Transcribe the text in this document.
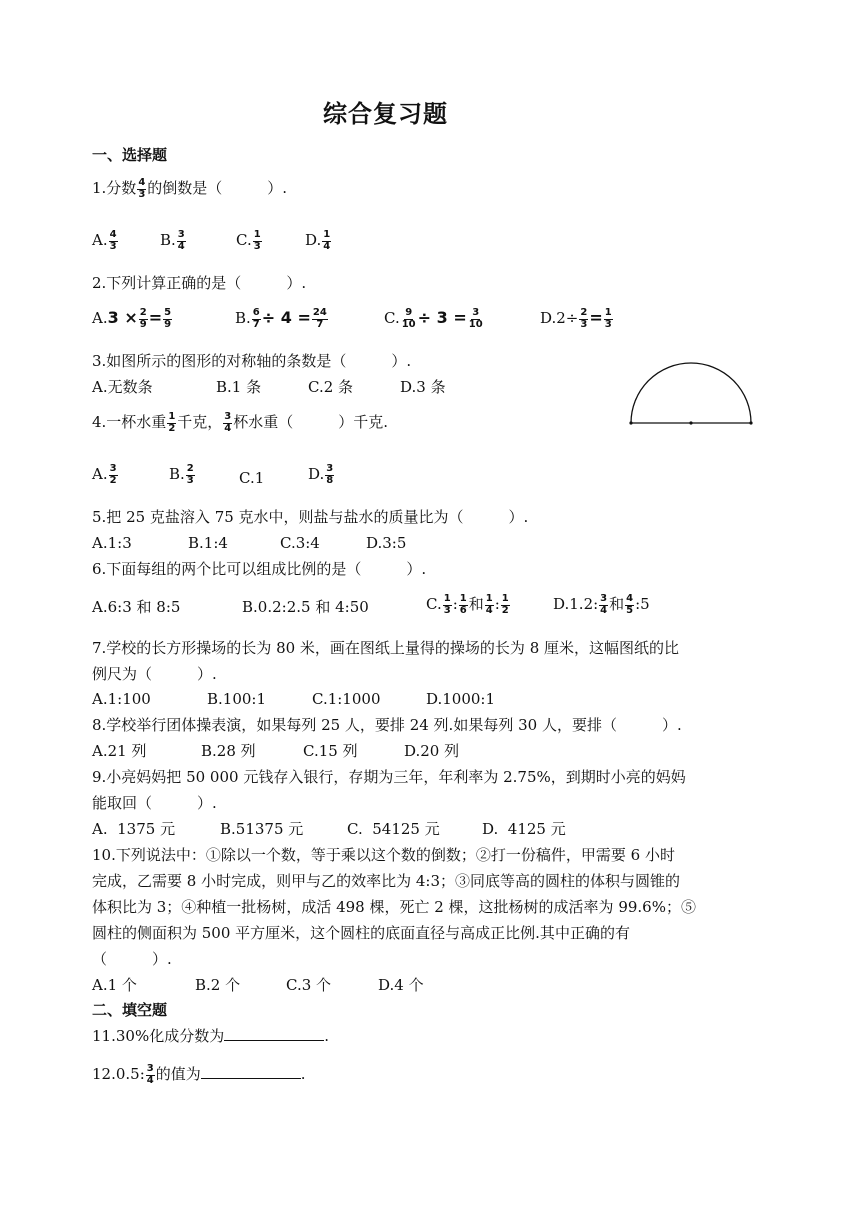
综合复习题
一、选择题
1.分数 $\frac{4}{3}$ 的倒数是（　　　）.
A. $\frac{4}{3}$	B. $\frac{3}{4}$	C. $\frac{1}{3}$	D. $\frac{1}{4}$
2.下列计算正确的是（　　　）.
$A.3 \times \frac{2}{9} = \frac{5}{9}$	B. $\frac{6}{7} \div 4 = \frac{24}{7}$	C. $\frac{9}{10} \div 3 = \frac{3}{10}$	$D.2\div \frac{2}{3} = \frac{1}{3}$
3.如图所示的图形的对称轴的条数是（　　　）.
A.无数条	B.1 条	C.2 条	D.3 条
4.一杯水重 $\frac{1}{2}$ 千克， $\frac{3}{4}$ 杯水重（　　　）千克.
A. $\frac{3}{2}$	B. $\frac{2}{3}$	C.1	D. $\frac{3}{8}$
5.把 25 克盐溶入 75 克水中，则盐与盐水的质量比为（　　　）.
A.1:3	B.1:4	C.3:4	D.3:5
6.下面每组的两个比可以组成比例的是（　　　）.
A.6:3 和 8:5	B.0.2:2.5 和 4:50	C. $\frac{1}{3}$ : $\frac{1}{6}$ 和 $\frac{1}{4}$ : $\frac{1}{2}$	D.1.2: $\frac{3}{4}$ 和 $\frac{4}{5}$ :5
7.学校的长方形操场的长为 80 米，画在图纸上量得的操场的长为 8 厘米，这幅图纸的比
例尺为（　　　）.
A.1:100	B.100:1	C.1:1000	D.1000:1
8.学校举行团体操表演，如果每列 25 人，要排 24 列.如果每列 30 人，要排（　　　）.
A.21 列	B.28 列	C.15 列	D.20 列
9.小亮妈妈把 50 000 元钱存入银行，存期为三年，年利率为 2.75%，到期时小亮的妈妈
能取回（　　　）.
A.  1375 元	B.51375 元	C.  54125 元	D.  4125 元
10.下列说法中：①除以一个数，等于乘以这个数的倒数；②打一份稿件，甲需要 6 小时
完成，乙需要 8 小时完成，则甲与乙的效率比为 4:3；③同底等高的圆柱的体积与圆锥的
体积比为 3；④种植一批杨树，成活 498 棵，死亡 2 棵，这批杨树的成活率为 99.6%；⑤
圆柱的侧面积为 500 平方厘米，这个圆柱的底面直径与高成正比例.其中正确的有
（　　　）.
A.1 个	B.2 个	C.3 个	D.4 个
二、填空题
11.30%化成分数为	.
12.0.5: $\frac{3}{4}$ 的值为	.
